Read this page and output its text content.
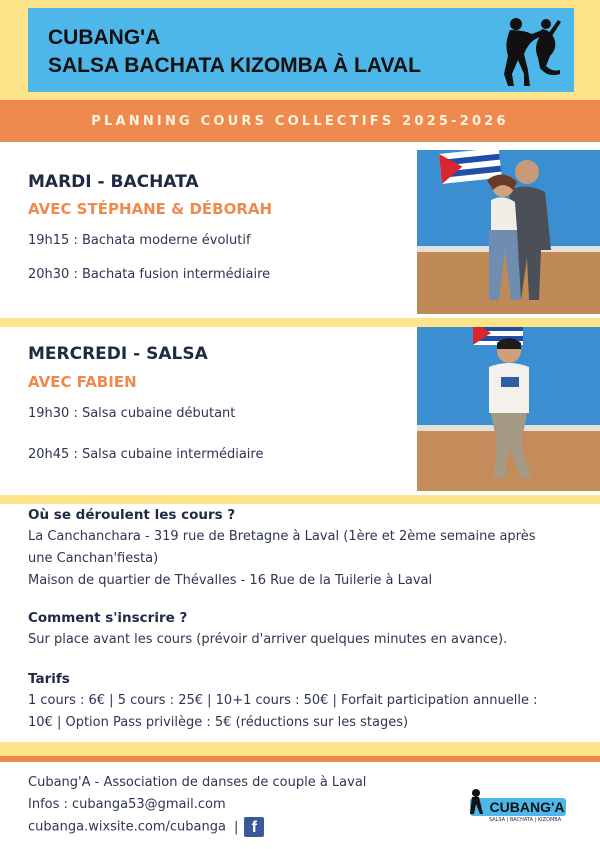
CUBANG'A
SALSA BACHATA KIZOMBA À LAVAL
PLANNING COURS COLLECTIFS 2025-2026
MARDI - BACHATA
AVEC STÉPHANE & DÉBORAH
19h15 : Bachata moderne évolutif
20h30 : Bachata fusion intermédiaire
MERCREDI - SALSA
AVEC FABIEN
19h30 : Salsa cubaine débutant
20h45 : Salsa cubaine intermédiaire
Où se déroulent les cours ?
La Canchanchara - 319 rue de Bretagne à Laval (1ère et 2ème semaine après
une Canchan'fiesta)
Maison de quartier de Thévalles - 16 Rue de la Tuilerie à Laval
Comment s'inscrire ?
Sur place avant les cours (prévoir d'arriver quelques minutes en avance).
Tarifs
1 cours : 6€ | 5 cours : 25€ | 10+1 cours : 50€ | Forfait participation annuelle :
10€ | Option Pass privilège : 5€ (réductions sur les stages)
Cubang'A - Association de danses de couple à Laval
Infos : cubanga53@gmail.com
cubanga.wixsite.com/cubanga | f
CUBANG'A
SALSA | BACHATA | KIZOMBA
